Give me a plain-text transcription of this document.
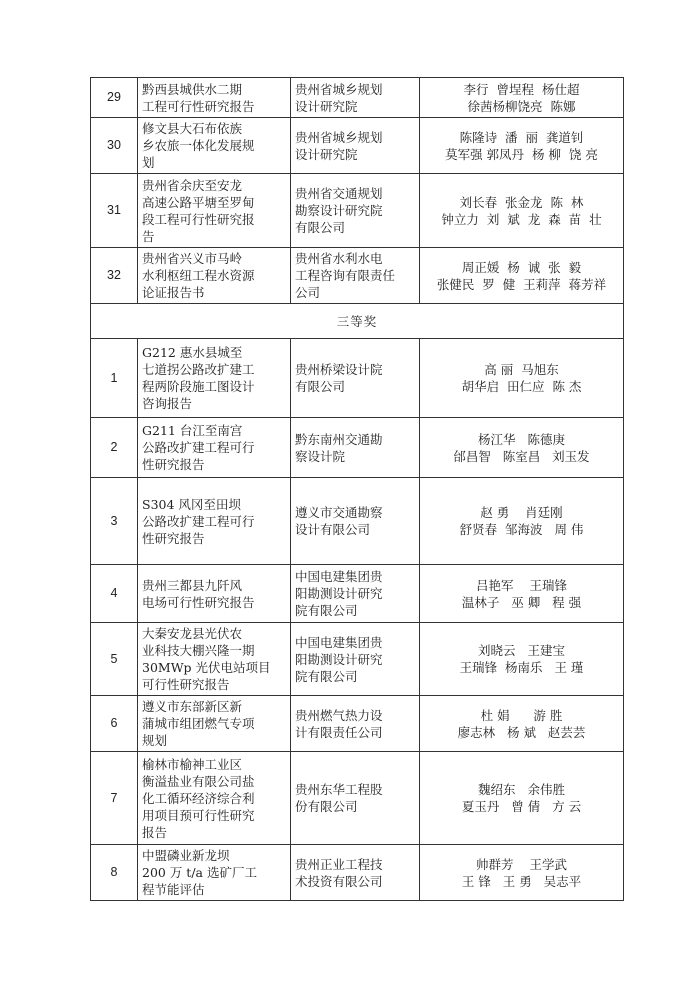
29	黔西县城供水二期
工程可行性研究报告	贵州省城乡规划
设计研究院	李行  曾埕程  杨仕超
徐茜杨柳饶亮  陈娜

30	修文县大石布依族
乡农旅一体化发展规
划	贵州省城乡规划
设计研究院	陈隆诗  潘  丽  龚道钊
莫军强 郭凤丹  杨 柳  饶 亮

31	贵州省余庆至安龙
高速公路平塘至罗甸
段工程可行性研究报
告	贵州省交通规划
勘察设计研究院
有限公司	刘长春  张金龙  陈  林
钟立力  刘  斌  龙  森  苗  壮

32	贵州省兴义市马岭
水利枢纽工程水资源
论证报告书	贵州省水利水电
工程咨询有限责任
公司	周正媛  杨  诚  张  毅
张健民  罗  健  王莉萍  蒋芳祥

三等奖			
1	G212 惠水县城至
七道拐公路改扩建工
程两阶段施工图设计
咨询报告	贵州桥梁设计院
有限公司	高 丽  马旭东
胡华启  田仁应  陈 杰

2	G211 台江至南宫
公路改扩建工程可行
性研究报告	黔东南州交通勘
察设计院	杨江华   陈德庚
邰昌智   陈室昌   刘玉发

3	S304 风冈至田坝
公路改扩建工程可行
性研究报告	遵义市交通勘察
设计有限公司	赵 勇    肖廷刚
舒贤春  邹海波   周 伟

4	贵州三都县九阡风
电场可行性研究报告	中国电建集团贵
阳勘测设计研究
院有限公司	吕艳军    王瑞锋
温林子   巫 卿   程 强

5	大秦安龙县光伏农
业科技大棚兴隆一期
30MWp 光伏电站项目
可行性研究报告	中国电建集团贵
阳勘测设计研究
院有限公司	刘晓云   王建宝
王瑞锋  杨南乐   王 瑾

6	遵义市东部新区新
蒲城市组团燃气专项
规划	贵州燃气热力设
计有限责任公司	杜 娟      游 胜
廖志林   杨 斌   赵芸芸

7	榆林市榆神工业区
衡溢盐业有限公司盐
化工循环经济综合利
用项目预可行性研究
报告	贵州东华工程股
份有限公司	魏绍东   余伟胜
夏玉丹   曾 倩   方 云

8	中盟磷业新龙坝
200 万 t/a 选矿厂工
程节能评估	贵州正业工程技
术投资有限公司	帅群芳    王学武
王 锋   王 勇   吴志平
